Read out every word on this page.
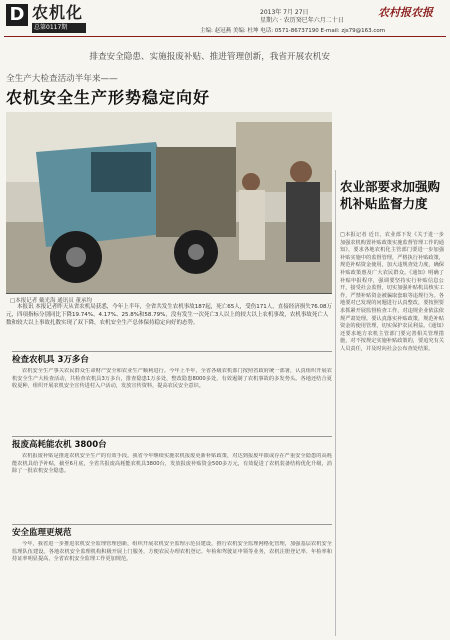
D 农机化
总第0117期
2013年 7月 27日
星期六 · 农历癸巳年六月二十日
农村报农报
主编: 赵冠燕 美编: 杜坤 电话: 0571-86737190 E-mail: zjs79@163.com
排查安全隐患、实施报废补贴、推进管理创新，我省开展农机安
全生产大检查活动半年来——
农机安全生产形势稳定向好
□本报记者 戴光海 通讯员 董承均
本报讯 本报记者昨天从省农机局获悉，今年上半年，全省共发生农机事故187起，死亡65人，受伤171人，直接经济损失76.08万元，四项指标分别同比下降19.74%、4.17%、25.8%和58.79%，没有发生一次死亡3人以上的较大以上农机事故，农机事故死亡人数和较大以上事故扎数实现了双下降，农机安全生产总体保持稳定向好的态势。
农业部要求加强购机补贴监督力度
□本报记者 近日，农业部下发《关于进一步加强农机购置补贴政策实施监督管理工作的通知》，要求各地农机化主管部门要进一步加强补贴实施中的监督管理，严格执行补贴政策，规范补贴资金使用，加大违规查处力度，确保补贴政策惠及广大农民群众。《通知》明确了补贴申报程序，强调要坚持实行补贴信息公开，接受社会监督，切实加强补贴机具核实工作，严禁补贴资金被骗取套取等违规行为。各地要对已发现的问题进行认真整改，要按照要求抓紧开展监督检查工作，对违规企业依法依规严肃处理。要认真落实补贴政策，规范补贴资金的使用管理，切实保护农民利益。《通知》还要求地方农机主管部门要完善相关管理措施，对不按规定实施补贴政策的，要追究有关人员责任，并及时向社会公布查处结果。
检查农机具 3万多台
农机安全生产事关农民群众生命财产安全和农业生产顺利进行。今年上半年，全省各级农机部门按照省政府统一部署，认真组织开展农机安全生产大检查活动，共检查农机具3万多台，排查隐患1万多处，整改隐患8000多处，有效遏制了农机事故的多发势头。各地还结合夏收夏种，组织开展农机安全宣传进村入户活动，发放宣传资料，提高农民安全意识。
报废高耗能农机 3800台
农机报废补贴是推进农机安全生产的有效手段。我省今年继续实施农机报废更新补贴政策，对达到报废年限或存在严重安全隐患的高耗能农机具给予补贴，截至6月底，全省共报废高耗能农机具3800台，发放报废补贴资金500多万元，有效促进了农机装备结构优化升级，消除了一批农机安全隐患。
安全监理更规范
今年，我省进一步推进农机安全监理管理创新，组织开展农机安全监理示范县建设，推行农机安全监理网格化管理，加强基层农机安全监理队伍建设。各地农机安全监理机构积极开展上门服务，方便农民办理农机登记、年检和驾驶证申领等业务，农机注册登记率、年检率和持证率明显提高，全省农机安全监理工作更加规范。
